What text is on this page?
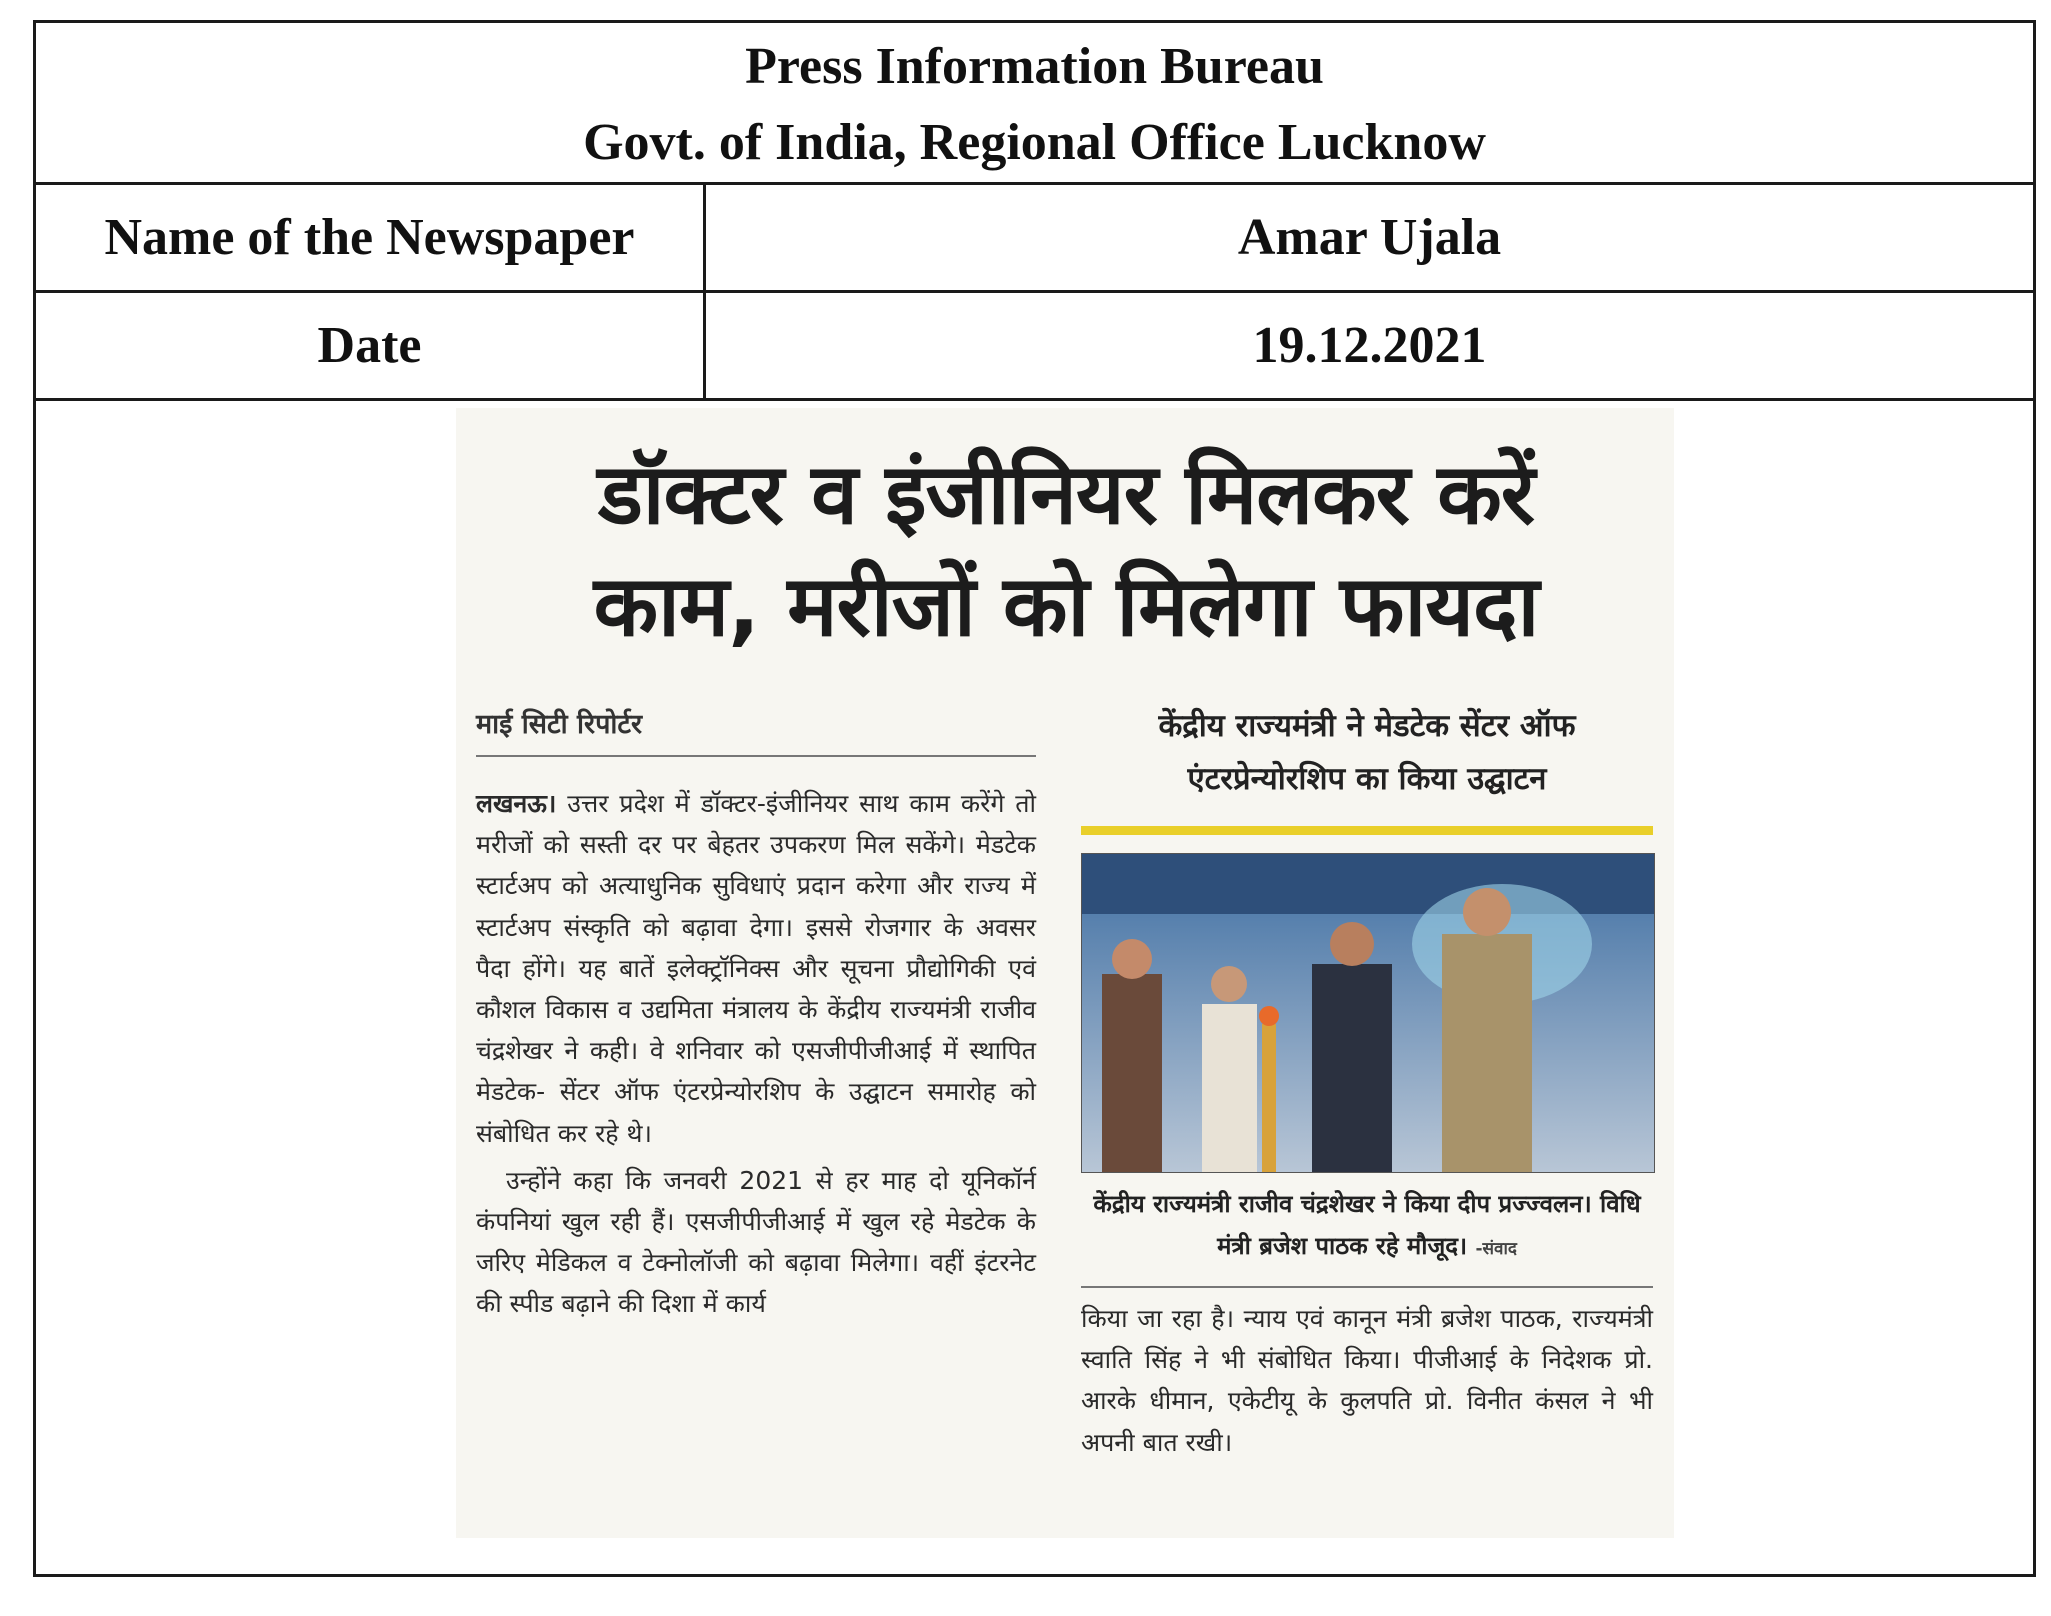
Press Information Bureau
Govt. of India, Regional Office Lucknow
Name of the Newspaper	Amar Ujala
Date	19.12.2021
डॉक्टर व इंजीनियर मिलकर करें
काम, मरीजों को मिलेगा फायदा
माई सिटी रिपोर्टर

लखनऊ। उत्तर प्रदेश में डॉक्टर-इंजीनियर साथ काम करेंगे तो मरीजों को सस्ती दर पर बेहतर उपकरण मिल सकेंगे। मेडटेक स्टार्टअप को अत्याधुनिक सुविधाएं प्रदान करेगा और राज्य में स्टार्टअप संस्कृति को बढ़ावा देगा। इससे रोजगार के अवसर पैदा होंगे। यह बातें इलेक्ट्रॉनिक्स और सूचना प्रौद्योगिकी एवं कौशल विकास व उद्यमिता मंत्रालय के केंद्रीय राज्यमंत्री राजीव चंद्रशेखर ने कही। वे शनिवार को एसजीपीजीआई में स्थापित मेडटेक- सेंटर ऑफ एंटरप्रेन्योरशिप के उद्घाटन समारोह को संबोधित कर रहे थे।

उन्होंने कहा कि जनवरी 2021 से हर माह दो यूनिकॉर्न कंपनियां खुल रही हैं। एसजीपीजीआई में खुल रहे मेडटेक के जरिए मेडिकल व टेक्नोलॉजी को बढ़ावा मिलेगा। वहीं इंटरनेट की स्पीड बढ़ाने की दिशा में कार्य

केंद्रीय राज्यमंत्री ने मेडटेक सेंटर ऑफ एंटरप्रेन्योरशिप का किया उद्घाटन
केंद्रीय राज्यमंत्री राजीव चंद्रशेखर ने किया दीप प्रज्ज्वलन। विधि मंत्री ब्रजेश पाठक रहे मौजूद। -संवाद
किया जा रहा है। न्याय एवं कानून मंत्री ब्रजेश पाठक, राज्यमंत्री स्वाति सिंह ने भी संबोधित किया। पीजीआई के निदेशक प्रो. आरके धीमान, एकेटीयू के कुलपति प्रो. विनीत कंसल ने भी अपनी बात रखी।
